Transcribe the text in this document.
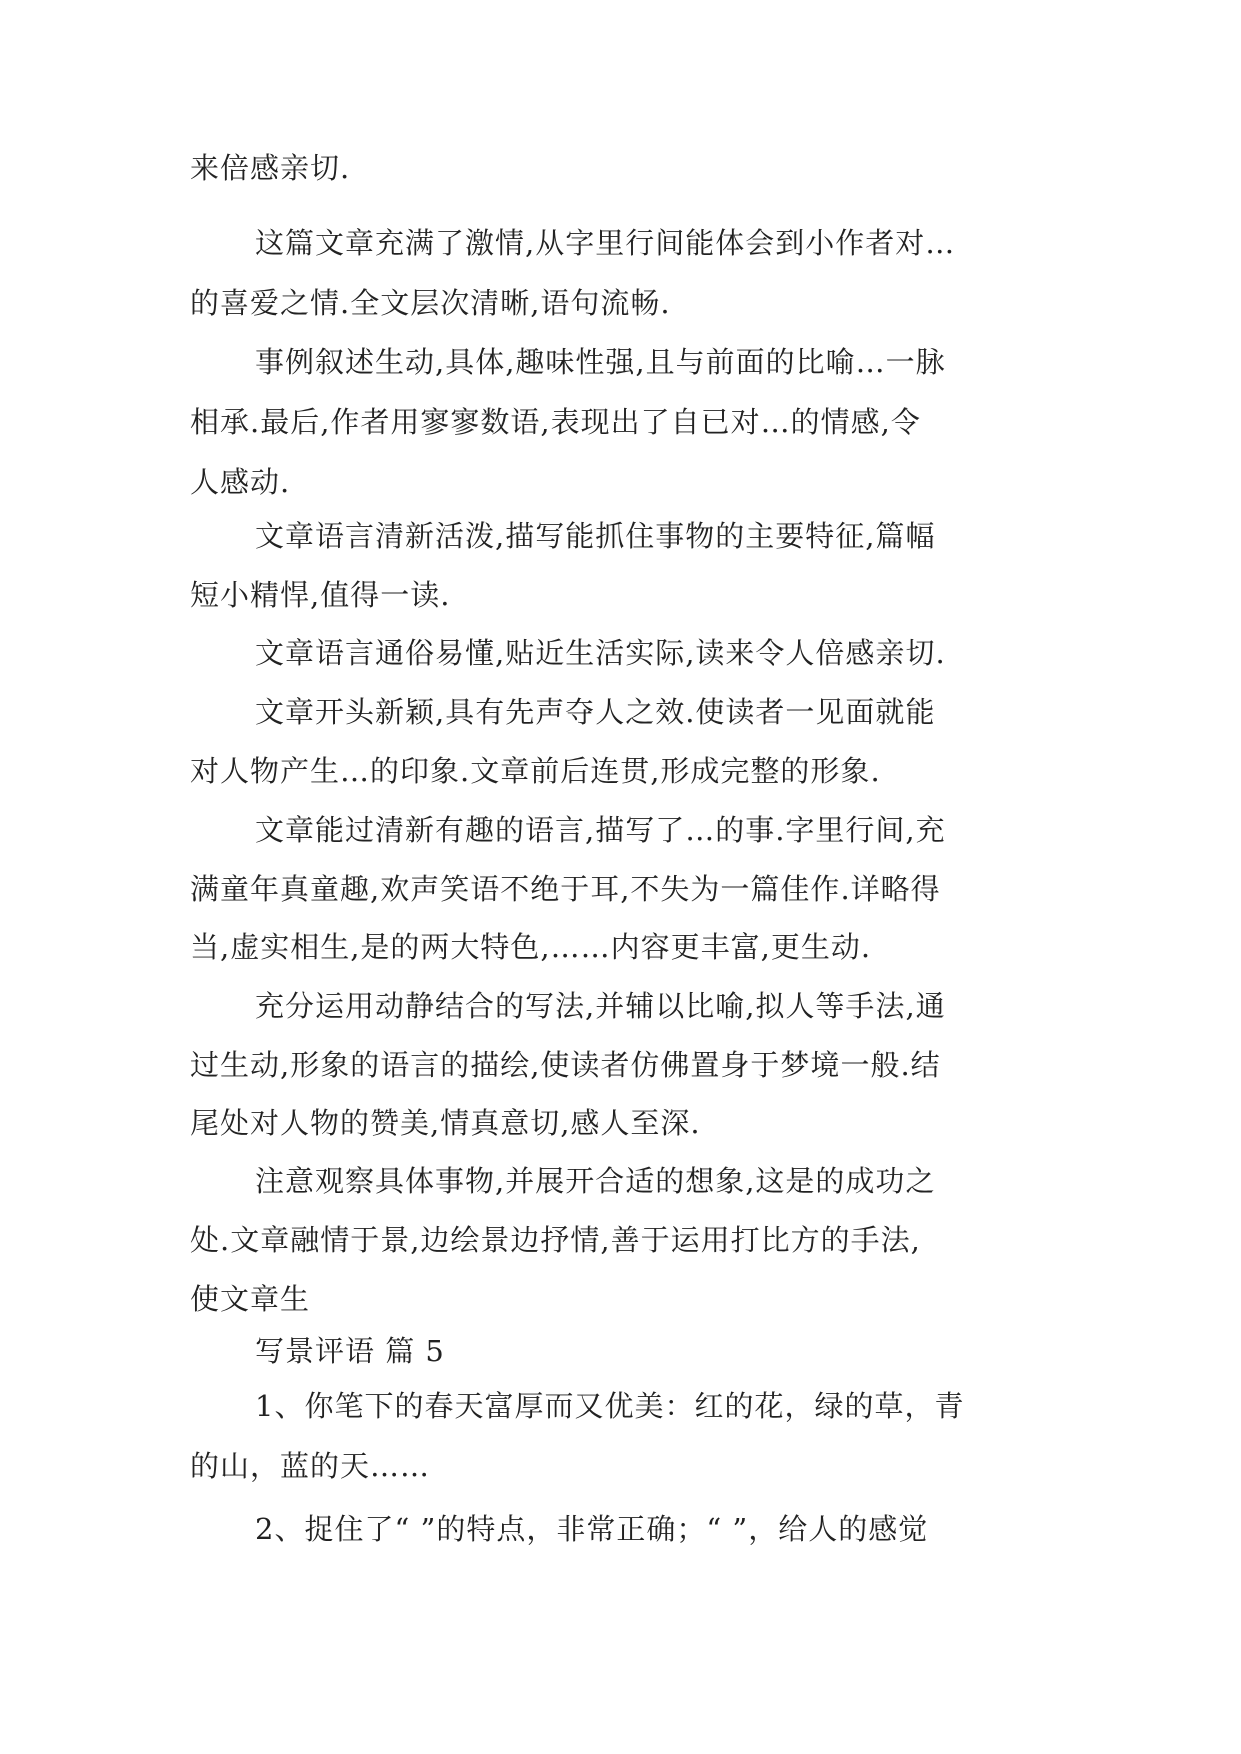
来倍感亲切.
这篇文章充满了激情,从字里行间能体会到小作者对…
的喜爱之情.全文层次清晰,语句流畅.
事例叙述生动,具体,趣味性强,且与前面的比喻…一脉
相承.最后,作者用寥寥数语,表现出了自已对…的情感,令
人感动.
文章语言清新活泼,描写能抓住事物的主要特征,篇幅
短小精悍,值得一读.
文章语言通俗易懂,贴近生活实际,读来令人倍感亲切.
文章开头新颖,具有先声夺人之效.使读者一见面就能
对人物产生…的印象.文章前后连贯,形成完整的形象.
文章能过清新有趣的语言,描写了…的事.字里行间,充
满童年真童趣,欢声笑语不绝于耳,不失为一篇佳作.详略得
当,虚实相生,是的两大特色,……内容更丰富,更生动.
充分运用动静结合的写法,并辅以比喻,拟人等手法,通
过生动,形象的语言的描绘,使读者仿佛置身于梦境一般.结
尾处对人物的赞美,情真意切,感人至深.
注意观察具体事物,并展开合适的想象,这是的成功之
处.文章融情于景,边绘景边抒情,善于运用打比方的手法,
使文章生
写景评语 篇 5
1、你笔下的春天富厚而又优美：红的花，绿的草，青
的山，蓝的天……
2、捉住了“ ”的特点，非常正确；“ ”，给人的感觉
